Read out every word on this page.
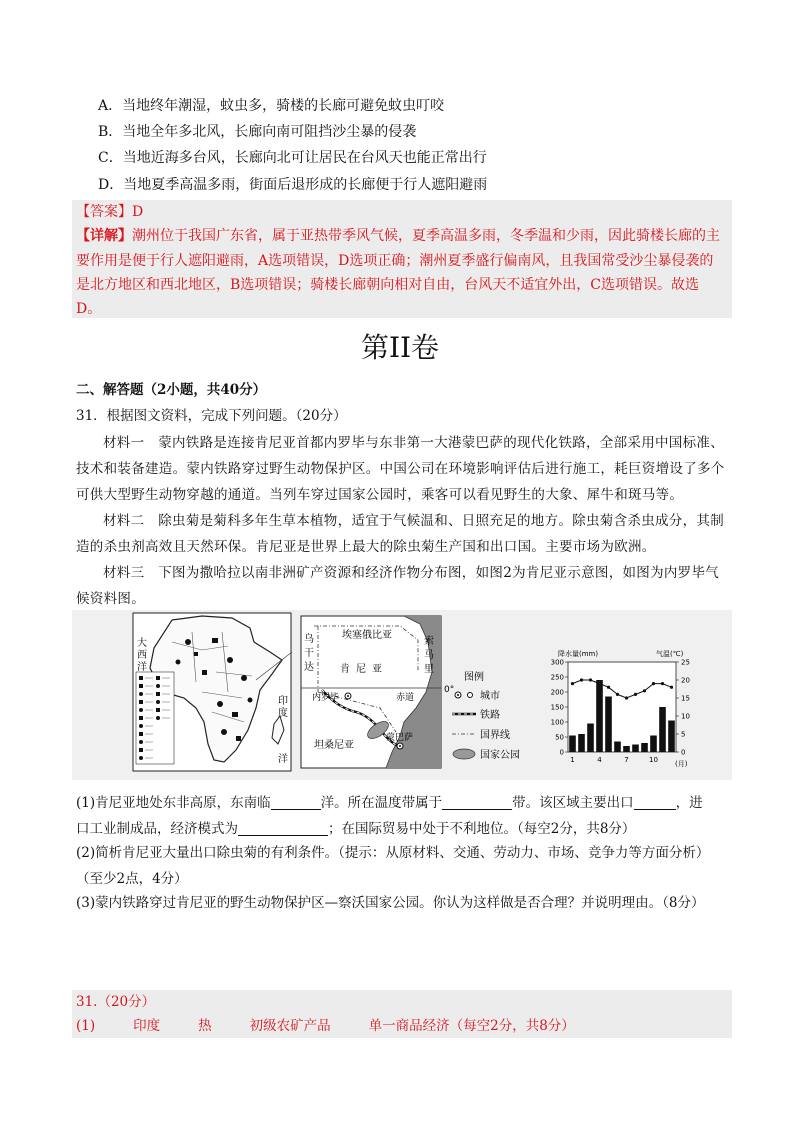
A．当地终年潮湿，蚊虫多，骑楼的长廊可避免蚊虫叮咬
B．当地全年多北风，长廊向南可阻挡沙尘暴的侵袭
C．当地近海多台风，长廊向北可让居民在台风天也能正常出行
D．当地夏季高温多雨，街面后退形成的长廊便于行人遮阳避雨
【答案】D
【详解】潮州位于我国广东省，属于亚热带季风气候，夏季高温多雨，冬季温和少雨，因此骑楼长廊的主
要作用是便于行人遮阳避雨，A选项错误，D选项正确；潮州夏季盛行偏南风，且我国常受沙尘暴侵袭的
是北方地区和西北地区，B选项错误；骑楼长廊朝向相对自由，台风天不适宜外出，C选项错误。故选
D。
第II卷
二、解答题（2小题，共40分）
31．根据图文资料，完成下列问题。（20分）
材料一　蒙内铁路是连接肯尼亚首都内罗毕与东非第一大港蒙巴萨的现代化铁路，全部采用中国标准、技术和装备建造。蒙内铁路穿过野生动物保护区。中国公司在环境影响评估后进行施工，耗巨资增设了多个可供大型野生动物穿越的通道。当列车穿过国家公园时，乘客可以看见野生的大象、犀牛和斑马等。
材料二　除虫菊是菊科多年生草本植物，适宜于气候温和、日照充足的地方。除虫菊含杀虫成分，其制造的杀虫剂高效且天然环保。肯尼亚是世界上最大的除虫菊生产国和出口国。主要市场为欧洲。
材料三　下图为撒哈拉以南非洲矿产资源和经济作物分布图，如图2为肯尼亚示意图，如图为内罗毕气候资料图。
大
西
洋
印
度
洋
埃塞俄比亚
索
马
里
乌
干
达	肯尼亚
坦桑尼亚
内罗毕
蒙巴萨
赤道
0°
图例
城市
铁路
国界线
国家公园
降水量(mm)	气温(℃)
0
50
100
150
200
250
300
0
5
10
15
20
25
1	4	7	10 (月)
(1)肯尼亚地处东非高原，东南临	洋。所在温度带属于	带。该区域主要出口	，进
口工业制成品，经济模式为	；在国际贸易中处于不利地位。（每空2分，共8分）
(2)简析肯尼亚大量出口除虫菊的有利条件。（提示：从原材料、交通、劳动力、市场、竞争力等方面分析）（至少2点，4分）
(3)蒙内铁路穿过肯尼亚的野生动物保护区—察沃国家公园。你认为这样做是否合理？并说明理由。（8分）
31.（20分）
(1)	印度	热	初级农矿产品	单一商品经济（每空2分，共8分）
